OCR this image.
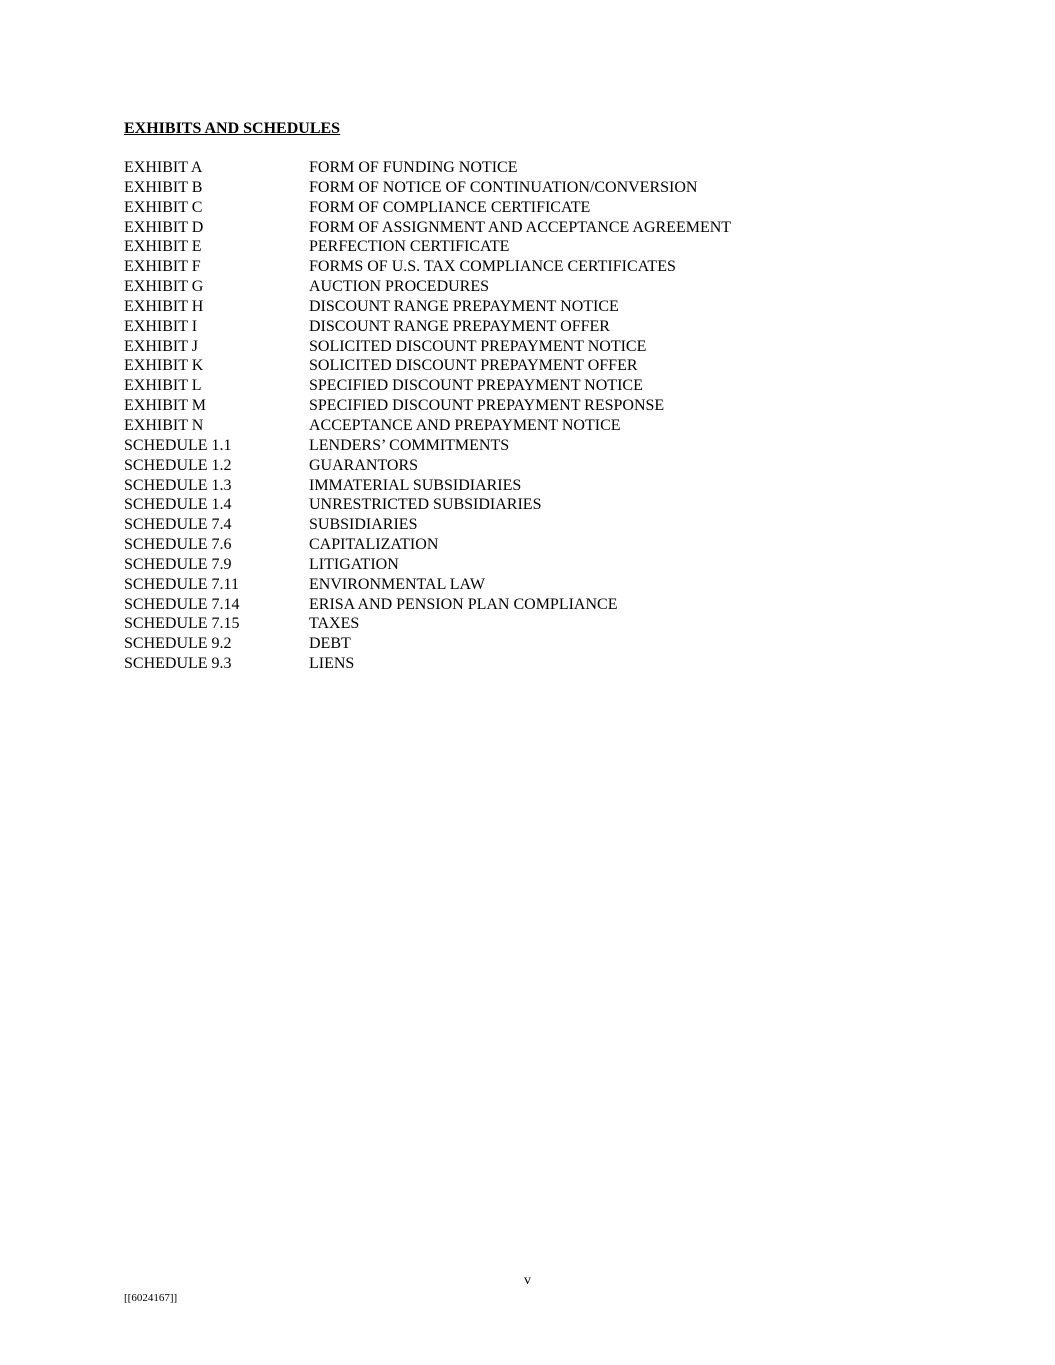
EXHIBITS AND SCHEDULES
EXHIBIT A	FORM OF FUNDING NOTICE
EXHIBIT B	FORM OF NOTICE OF CONTINUATION/CONVERSION
EXHIBIT C	FORM OF COMPLIANCE CERTIFICATE
EXHIBIT D	FORM OF ASSIGNMENT AND ACCEPTANCE AGREEMENT
EXHIBIT E	PERFECTION CERTIFICATE
EXHIBIT F	FORMS OF U.S. TAX COMPLIANCE CERTIFICATES
EXHIBIT G	AUCTION PROCEDURES
EXHIBIT H	DISCOUNT RANGE PREPAYMENT NOTICE
EXHIBIT I	DISCOUNT RANGE PREPAYMENT OFFER
EXHIBIT J	SOLICITED DISCOUNT PREPAYMENT NOTICE
EXHIBIT K	SOLICITED DISCOUNT PREPAYMENT OFFER
EXHIBIT L	SPECIFIED DISCOUNT PREPAYMENT NOTICE
EXHIBIT M	SPECIFIED DISCOUNT PREPAYMENT RESPONSE
EXHIBIT N	ACCEPTANCE AND PREPAYMENT NOTICE
SCHEDULE 1.1	LENDERS’ COMMITMENTS
SCHEDULE 1.2	GUARANTORS
SCHEDULE 1.3	IMMATERIAL SUBSIDIARIES
SCHEDULE 1.4	UNRESTRICTED SUBSIDIARIES
SCHEDULE 7.4	SUBSIDIARIES
SCHEDULE 7.6	CAPITALIZATION
SCHEDULE 7.9	LITIGATION
SCHEDULE 7.11	ENVIRONMENTAL LAW
SCHEDULE 7.14	ERISA AND PENSION PLAN COMPLIANCE
SCHEDULE 7.15	TAXES
SCHEDULE 9.2	DEBT
SCHEDULE 9.3	LIENS
v
[[6024167]]
